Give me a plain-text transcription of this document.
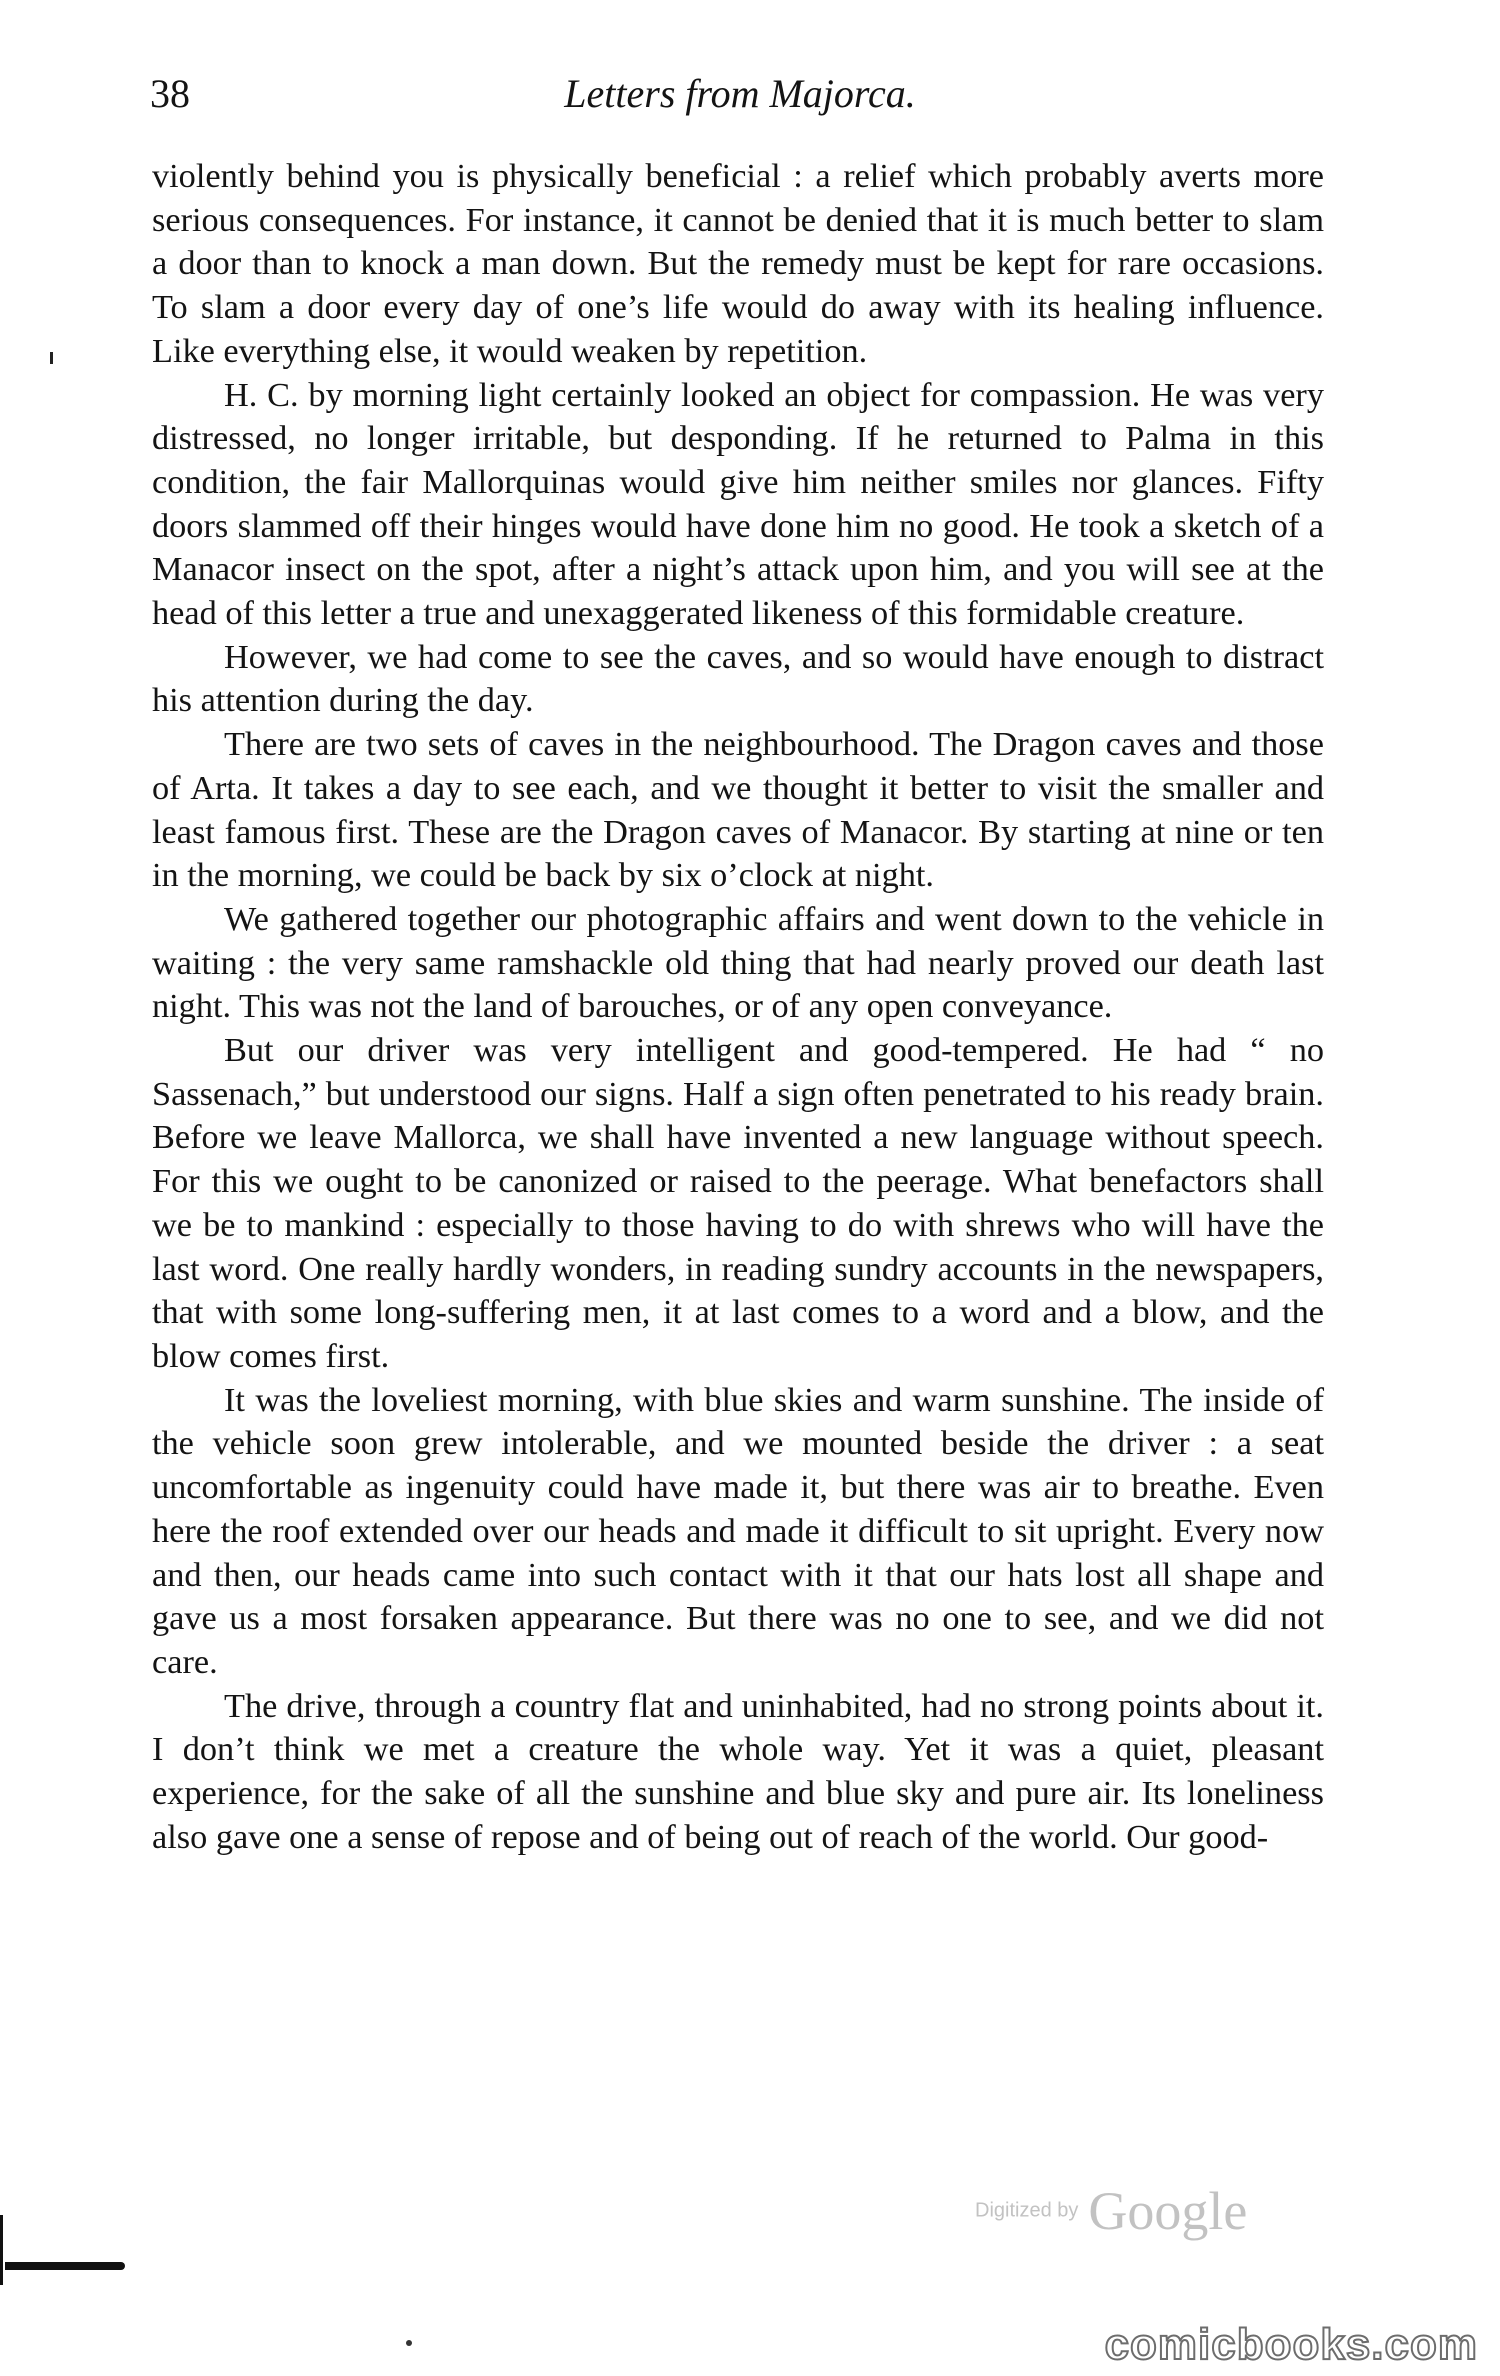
38	Letters from Majorca.

violently behind you is physically beneficial : a relief which probably averts more serious consequences. For instance, it cannot be denied that it is much better to slam a door than to knock a man down. But the remedy must be kept for rare occasions. To slam a door every day of one’s life would do away with its healing influence. Like everything else, it would weaken by repetition.

H. C. by morning light certainly looked an object for compassion. He was very distressed, no longer irritable, but desponding. If he returned to Palma in this condition, the fair Mallorquinas would give him neither smiles nor glances. Fifty doors slammed off their hinges would have done him no good. He took a sketch of a Manacor insect on the spot, after a night’s attack upon him, and you will see at the head of this letter a true and unexaggerated likeness of this formidable creature.

However, we had come to see the caves, and so would have enough to distract his attention during the day.

There are two sets of caves in the neighbourhood. The Dragon caves and those of Arta. It takes a day to see each, and we thought it better to visit the smaller and least famous first. These are the Dragon caves of Manacor. By starting at nine or ten in the morning, we could be back by six o’clock at night.

We gathered together our photographic affairs and went down to the vehicle in waiting : the very same ramshackle old thing that had nearly proved our death last night. This was not the land of barouches, or of any open conveyance.

But our driver was very intelligent and good-tempered. He had “ no Sassenach,” but understood our signs. Half a sign often penetrated to his ready brain. Before we leave Mallorca, we shall have invented a new language without speech. For this we ought to be canonized or raised to the peerage. What benefactors shall we be to mankind : especially to those having to do with shrews who will have the last word. One really hardly wonders, in reading sundry accounts in the newspapers, that with some long-suffering men, it at last comes to a word and a blow, and the blow comes first.

It was the loveliest morning, with blue skies and warm sunshine. The inside of the vehicle soon grew intolerable, and we mounted beside the driver : a seat uncomfortable as ingenuity could have made it, but there was air to breathe. Even here the roof extended over our heads and made it difficult to sit upright. Every now and then, our heads came into such contact with it that our hats lost all shape and gave us a most forsaken appearance. But there was no one to see, and we did not care.

The drive, through a country flat and uninhabited, had no strong points about it. I don’t think we met a creature the whole way. Yet it was a quiet, pleasant experience, for the sake of all the sunshine and blue sky and pure air. Its loneliness also gave one a sense of repose and of being out of reach of the world. Our good-

Digitized by Google
comicbooks.com
